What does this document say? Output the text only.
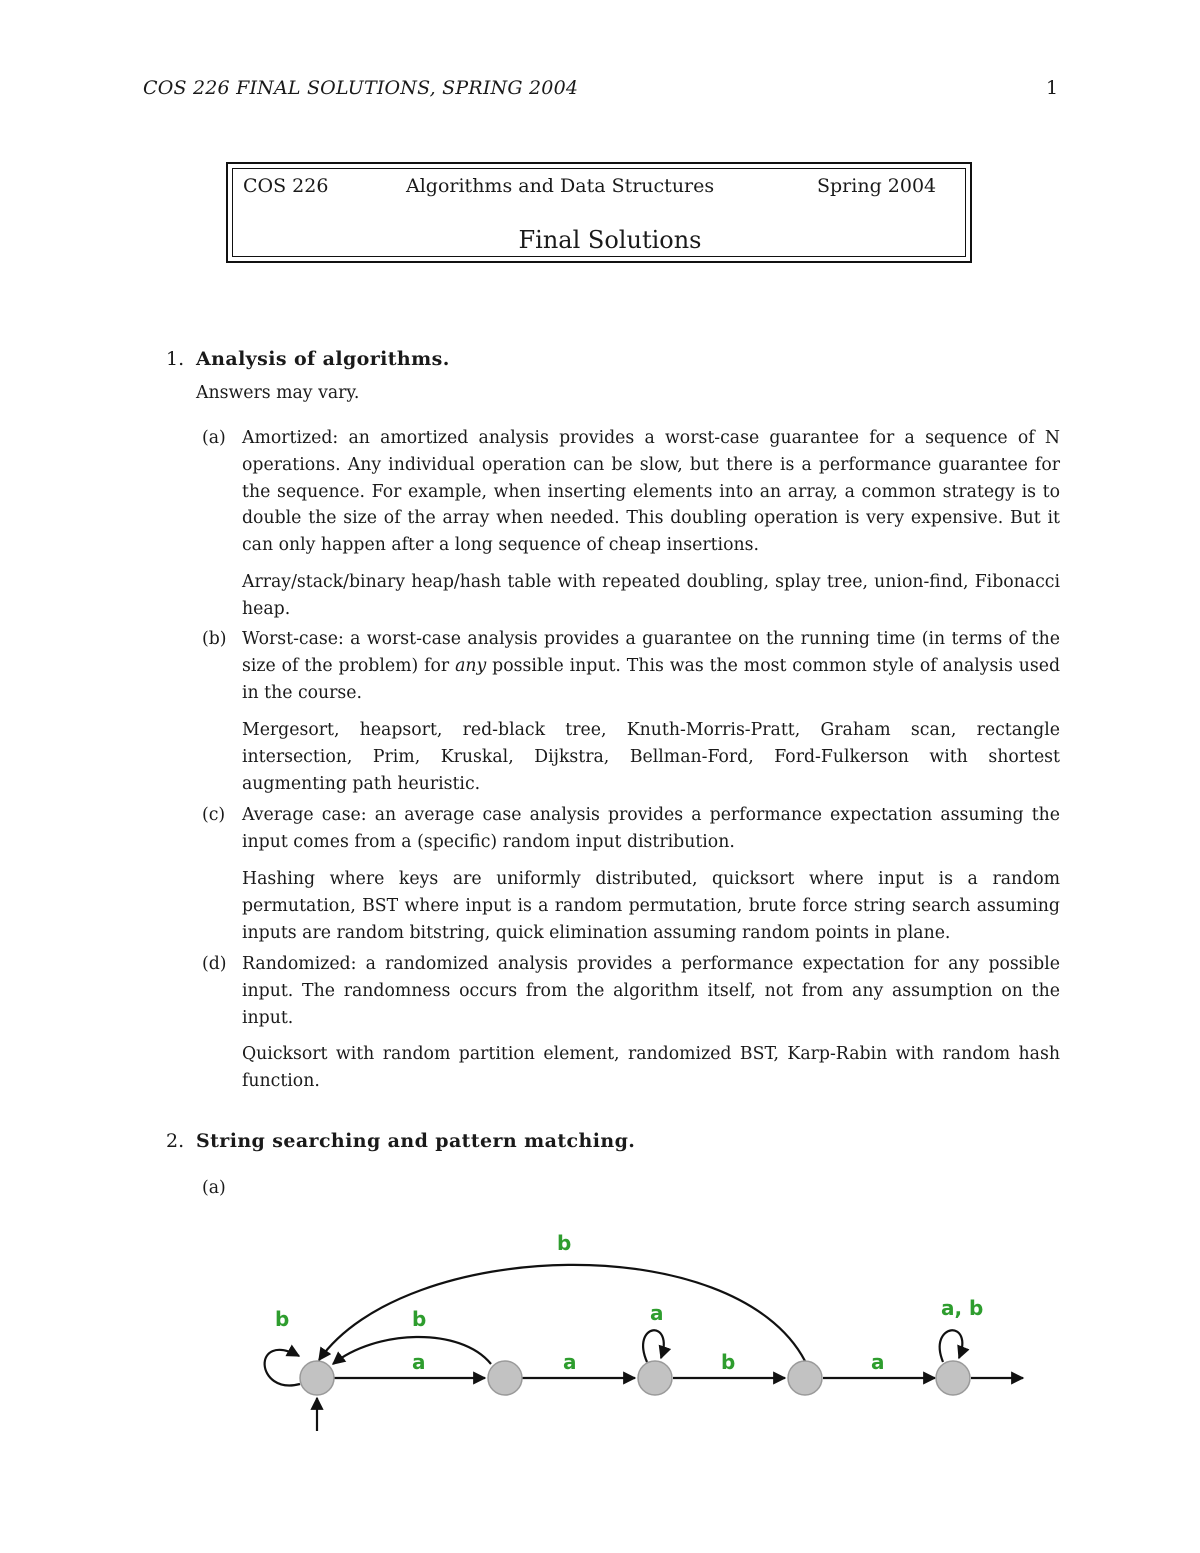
COS 226 FINAL SOLUTIONS, SPRING 2004	1
COS 226	Algorithms and Data Structures	Spring 2004
Final Solutions
1. Analysis of algorithms.
Answers may vary.
(a) Amortized: an amortized analysis provides a worst-case guarantee for a sequence of N operations. Any individual operation can be slow, but there is a performance guarantee for the sequence. For example, when inserting elements into an array, a common strategy is to double the size of the array when needed. This doubling operation is very expensive. But it can only happen after a long sequence of cheap insertions.
Array/stack/binary heap/hash table with repeated doubling, splay tree, union-find, Fibonacci heap.
(b) Worst-case: a worst-case analysis provides a guarantee on the running time (in terms of the size of the problem) for any possible input. This was the most common style of analysis used in the course.
Mergesort, heapsort, red-black tree, Knuth-Morris-Pratt, Graham scan, rectangle intersection, Prim, Kruskal, Dijkstra, Bellman-Ford, Ford-Fulkerson with shortest augmenting path heuristic.
(c) Average case: an average case analysis provides a performance expectation assuming the input comes from a (specific) random input distribution.
Hashing where keys are uniformly distributed, quicksort where input is a random permutation, BST where input is a random permutation, brute force string search assuming inputs are random bitstring, quick elimination assuming random points in plane.
(d) Randomized: a randomized analysis provides a performance expectation for any possible input. The randomness occurs from the algorithm itself, not from any assumption on the input.
Quicksort with random partition element, randomized BST, Karp-Rabin with random hash function.
2. String searching and pattern matching.
(a)
b
b	b	a	a, b
a	a	b	a
